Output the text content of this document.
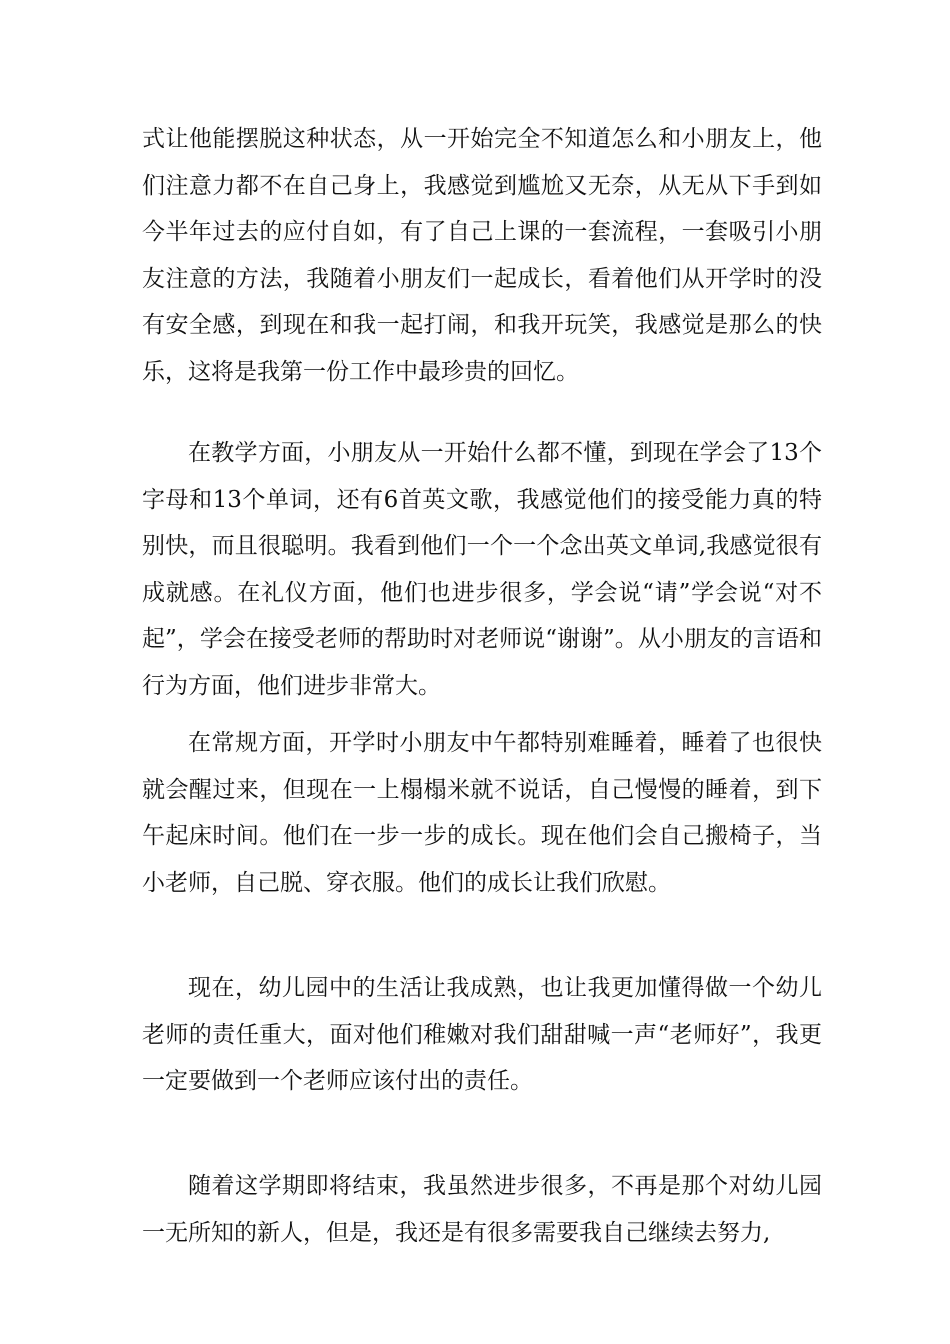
式让他能摆脱这种状态，从一开始完全不知道怎么和小朋友上，他们注意力都不在自己身上，我感觉到尴尬又无奈，从无从下手到如今半年过去的应付自如，有了自己上课的一套流程，一套吸引小朋友注意的方法，我随着小朋友们一起成长，看着他们从开学时的没有安全感，到现在和我一起打闹，和我开玩笑，我感觉是那么的快乐，这将是我第一份工作中最珍贵的回忆。

在教学方面，小朋友从一开始什么都不懂，到现在学会了13个字母和13个单词，还有6首英文歌，我感觉他们的接受能力真的特别快，而且很聪明。我看到他们一个一个念出英文单词,我感觉很有成就感。在礼仪方面，他们也进步很多，学会说“请”学会说“对不起”，学会在接受老师的帮助时对老师说“谢谢”。从小朋友的言语和行为方面，他们进步非常大。

在常规方面，开学时小朋友中午都特别难睡着，睡着了也很快就会醒过来，但现在一上榻榻米就不说话，自己慢慢的睡着，到下午起床时间。他们在一步一步的成长。现在他们会自己搬椅子，当小老师，自己脱、穿衣服。他们的成长让我们欣慰。

现在，幼儿园中的生活让我成熟，也让我更加懂得做一个幼儿老师的责任重大，面对他们稚嫩对我们甜甜喊一声“老师好”，我更一定要做到一个老师应该付出的责任。

随着这学期即将结束，我虽然进步很多，不再是那个对幼儿园一无所知的新人，但是，我还是有很多需要我自己继续去努力,
